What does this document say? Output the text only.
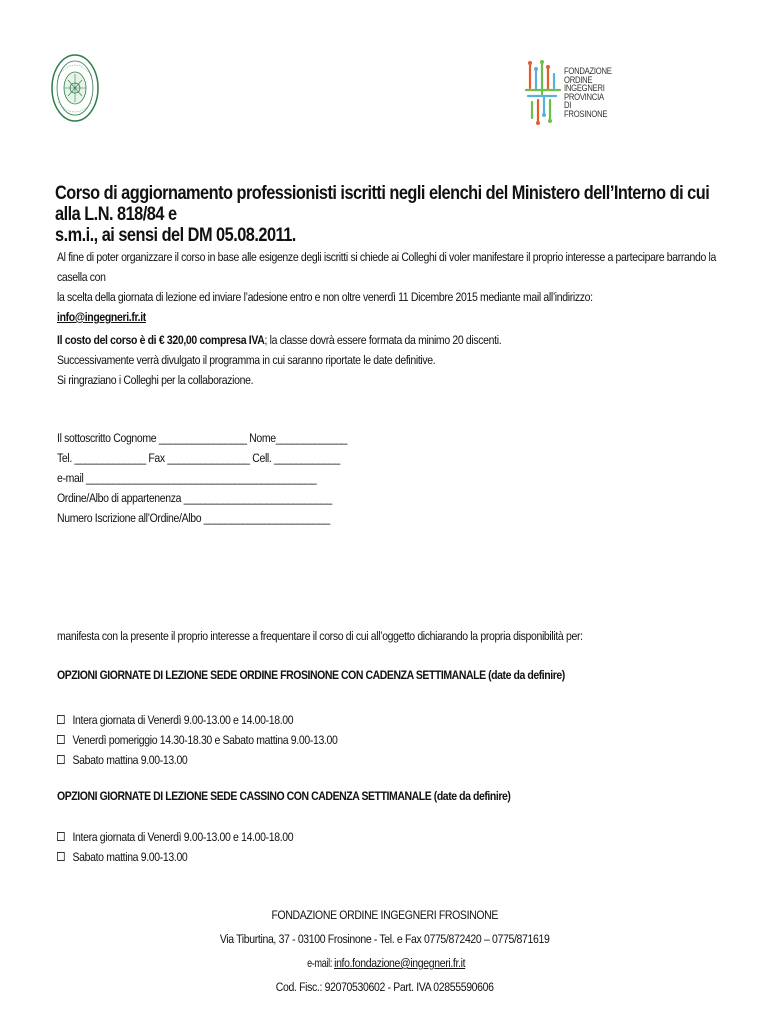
FONDAZIONE
ORDINE
INGEGNERI
PROVINCIA
DI FROSINONE
Corso di aggiornamento professionisti iscritti negli elenchi del Ministero dell’Interno di cui alla L.N. 818/84 e
s.m.i., ai sensi del DM 05.08.2011.
Al fine di poter organizzare il corso in base alle esigenze degli iscritti si chiede ai Colleghi di voler manifestare il proprio interesse a partecipare barrando la casella con
la scelta della giornata di lezione ed inviare l’adesione entro e non oltre venerdì 11 Dicembre 2015 mediante mail all’indirizzo:
info@ingegneri.fr.it
Il costo del corso è di € 320,00 compresa IVA; la classe dovrà essere formata da minimo 20 discenti.
Successivamente verrà divulgato il programma in cui saranno riportate le date definitive.
Si ringraziano i Colleghi per la collaborazione.
Il sottoscritto Cognome ________________ Nome_____________
Tel. _____________ Fax _______________ Cell. ____________
e-mail __________________________________________
Ordine/Albo di appartenenza ___________________________
Numero Iscrizione all’Ordine/Albo _______________________
manifesta con la presente il proprio interesse a frequentare il corso di cui all’oggetto dichiarando la propria disponibilità per:
OPZIONI GIORNATE DI LEZIONE SEDE ORDINE FROSINONE CON CADENZA SETTIMANALE (date da definire)
Intera giornata di Venerdì 9.00-13.00 e 14.00-18.00
Venerdì pomeriggio 14.30-18.30 e Sabato mattina 9.00-13.00
Sabato mattina 9.00-13.00
OPZIONI GIORNATE DI LEZIONE SEDE CASSINO CON CADENZA SETTIMANALE (date da definire)
Intera giornata di Venerdì 9.00-13.00 e 14.00-18.00
Sabato mattina 9.00-13.00
FONDAZIONE ORDINE INGEGNERI FROSINONE
Via Tiburtina, 37 - 03100 Frosinone - Tel. e Fax 0775/872420 – 0775/871619
e-mail:info.fondazione@ingegneri.fr.it
Cod. Fisc.: 92070530602 - Part. IVA 02855590606
